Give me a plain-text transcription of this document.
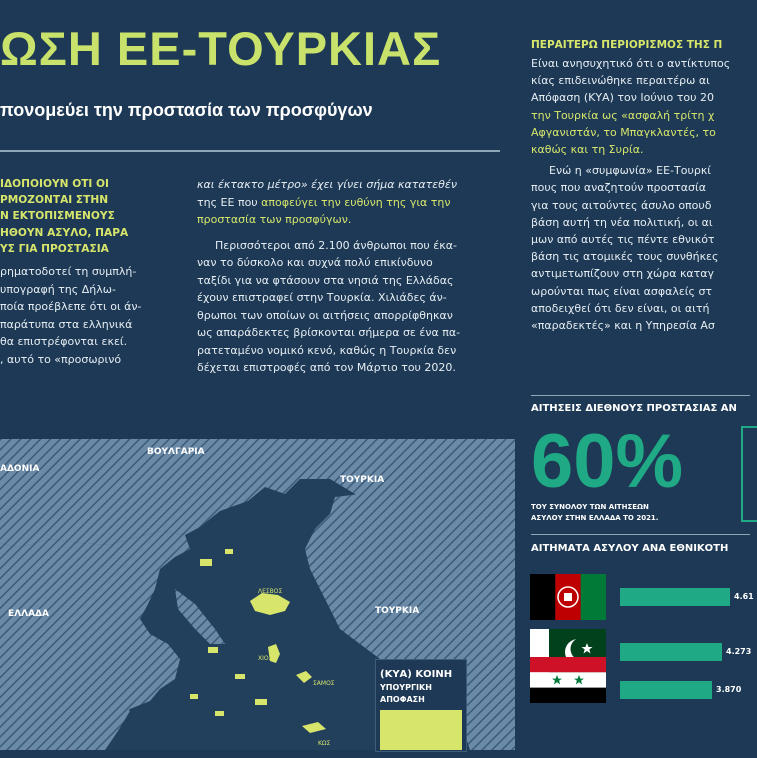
ΩΣΗ ΕΕ-ΤΟΥΡΚΙΑΣ
πονομεύει την προστασία των προσφύγων
ΙΔΟΠΟΙΟΥΝ ΟΤΙ ΟΙ
ΡΜΟΖΟΝΤΑΙ ΣΤΗΝ
Ν ΕΚΤΟΠΙΣΜΕΝΟΥΣ
ΗΘΟΥΝ ΑΣΥΛΟ, ΠΑΡΑ
ΥΣ ΓΙΑ ΠΡΟΣΤΑΣΙΑ
ρηματοδοτεί τη συμπλή-
υπογραφή της Δήλω-
ποία προέβλεπε ότι οι άν-
παράτυπα στα ελληνικά
θα επιστρέφονται εκεί.
, αυτό το «προσωρινό
και έκτακτο μέτρο» έχει γίνει σήμα κατατεθέν
της ΕΕ που αποφεύγει την ευθύνη της για την
προστασία των προσφύγων.
Περισσότεροι από 2.100 άνθρωποι που έκα-
ναν το δύσκολο και συχνά πολύ επικίνδυνο
ταξίδι για να φτάσουν στα νησιά της Ελλάδας
έχουν επιστραφεί στην Τουρκία. Χιλιάδες άν-
θρωποι των οποίων οι αιτήσεις απορρίφθηκαν
ως απαράδεκτες βρίσκονται σήμερα σε ένα πα-
ρατεταμένο νομικό κενό, καθώς η Τουρκία δεν
δέχεται επιστροφές από τον Μάρτιο του 2020.
ΠΕΡΑΙΤΕΡΩ ΠΕΡΙΟΡΙΣΜΟΣ ΤΗΣ Π
Είναι ανησυχητικό ότι ο αντίκτυπος
κίας επιδεινώθηκε περαιτέρω αι
Απόφαση (ΚΥΑ) τον Ιούνιο του 20
την Τουρκία ως «ασφαλή τρίτη χ
Αφγανιστάν, το Μπαγκλαντές, το
καθώς και τη Συρία.
Ενώ η «συμφωνία» ΕΕ-Τουρκί
πους που αναζητούν προστασία
για τους αιτούντες άσυλο οπουδ
βάση αυτή τη νέα πολιτική, οι αι
μων από αυτές τις πέντε εθνικότ
βάση τις ατομικές τους συνθήκες
αντιμετωπίζουν στη χώρα καταγ
ωρούνται πως είναι ασφαλείς στ
αποδειχθεί ότι δεν είναι, οι αιτή
«παραδεκτές» και η Υπηρεσία Ασ
ΑΙΤΗΣΕΙΣ ΔΙΕΘΝΟΥΣ ΠΡΟΣΤΑΣΙΑΣ ΑΝ
60%
ΤΟΥ ΣΥΝΟΛΟΥ ΤΩΝ ΑΙΤΗΣΕΩΝ
ΑΣΥΛΟΥ ΣΤΗΝ ΕΛΛΑΔΑ ΤΟ 2021.
ΑΙΤΗΜΑΤΑ ΑΣΥΛΟΥ ΑΝΑ ΕΘΝΙΚΟΤΗ
4.61
4.273
3.870
ΒΟΥΛΓΑΡΙΑ
ΑΔΟΝΙΑ
ΤΟΥΡΚΙΑ
ΤΟΥΡΚΙΑ
ΕΛΛΑΔΑ
ΛΕΣΒΟΣ
ΧΙΟΣ
ΣΑΜΟΣ
ΚΩΣ
(ΚΥΑ) ΚΟΙΝΗ
ΥΠΟΥΡΓΙΚΗ
ΑΠΟΦΑΣΗ
